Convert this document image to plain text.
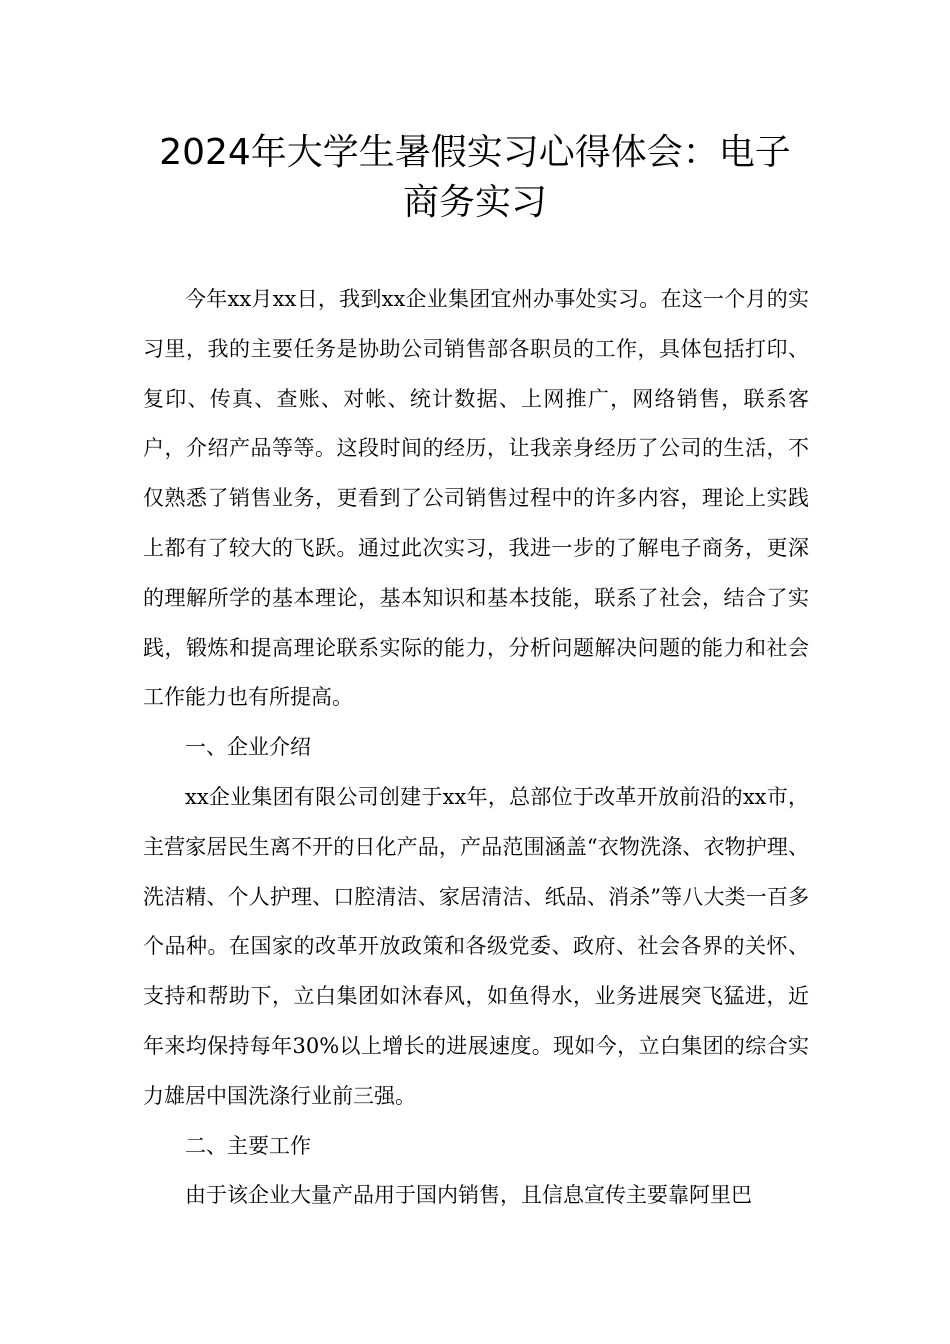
2024年大学生暑假实习心得体会：电子
商务实习

今年xx月xx日，我到xx企业集团宜州办事处实习。在这一个月的实习里，我的主要任务是协助公司销售部各职员的工作，具体包括打印、复印、传真、查账、对帐、统计数据、上网推广，网络销售，联系客户，介绍产品等等。这段时间的经历，让我亲身经历了公司的生活，不仅熟悉了销售业务，更看到了公司销售过程中的许多内容，理论上实践上都有了较大的飞跃。通过此次实习，我进一步的了解电子商务，更深的理解所学的基本理论，基本知识和基本技能，联系了社会，结合了实践，锻炼和提高理论联系实际的能力，分析问题解决问题的能力和社会工作能力也有所提高。

一、企业介绍

xx企业集团有限公司创建于xx年，总部位于改革开放前沿的xx市，主营家居民生离不开的日化产品，产品范围涵盖“衣物洗涤、衣物护理、洗洁精、个人护理、口腔清洁、家居清洁、纸品、消杀”等八大类一百多个品种。在国家的改革开放政策和各级党委、政府、社会各界的关怀、支持和帮助下，立白集团如沐春风，如鱼得水，业务进展突飞猛进，近年来均保持每年30%以上增长的进展速度。现如今，立白集团的综合实力雄居中国洗涤行业前三强。

二、主要工作

由于该企业大量产品用于国内销售，且信息宣传主要靠阿里巴
